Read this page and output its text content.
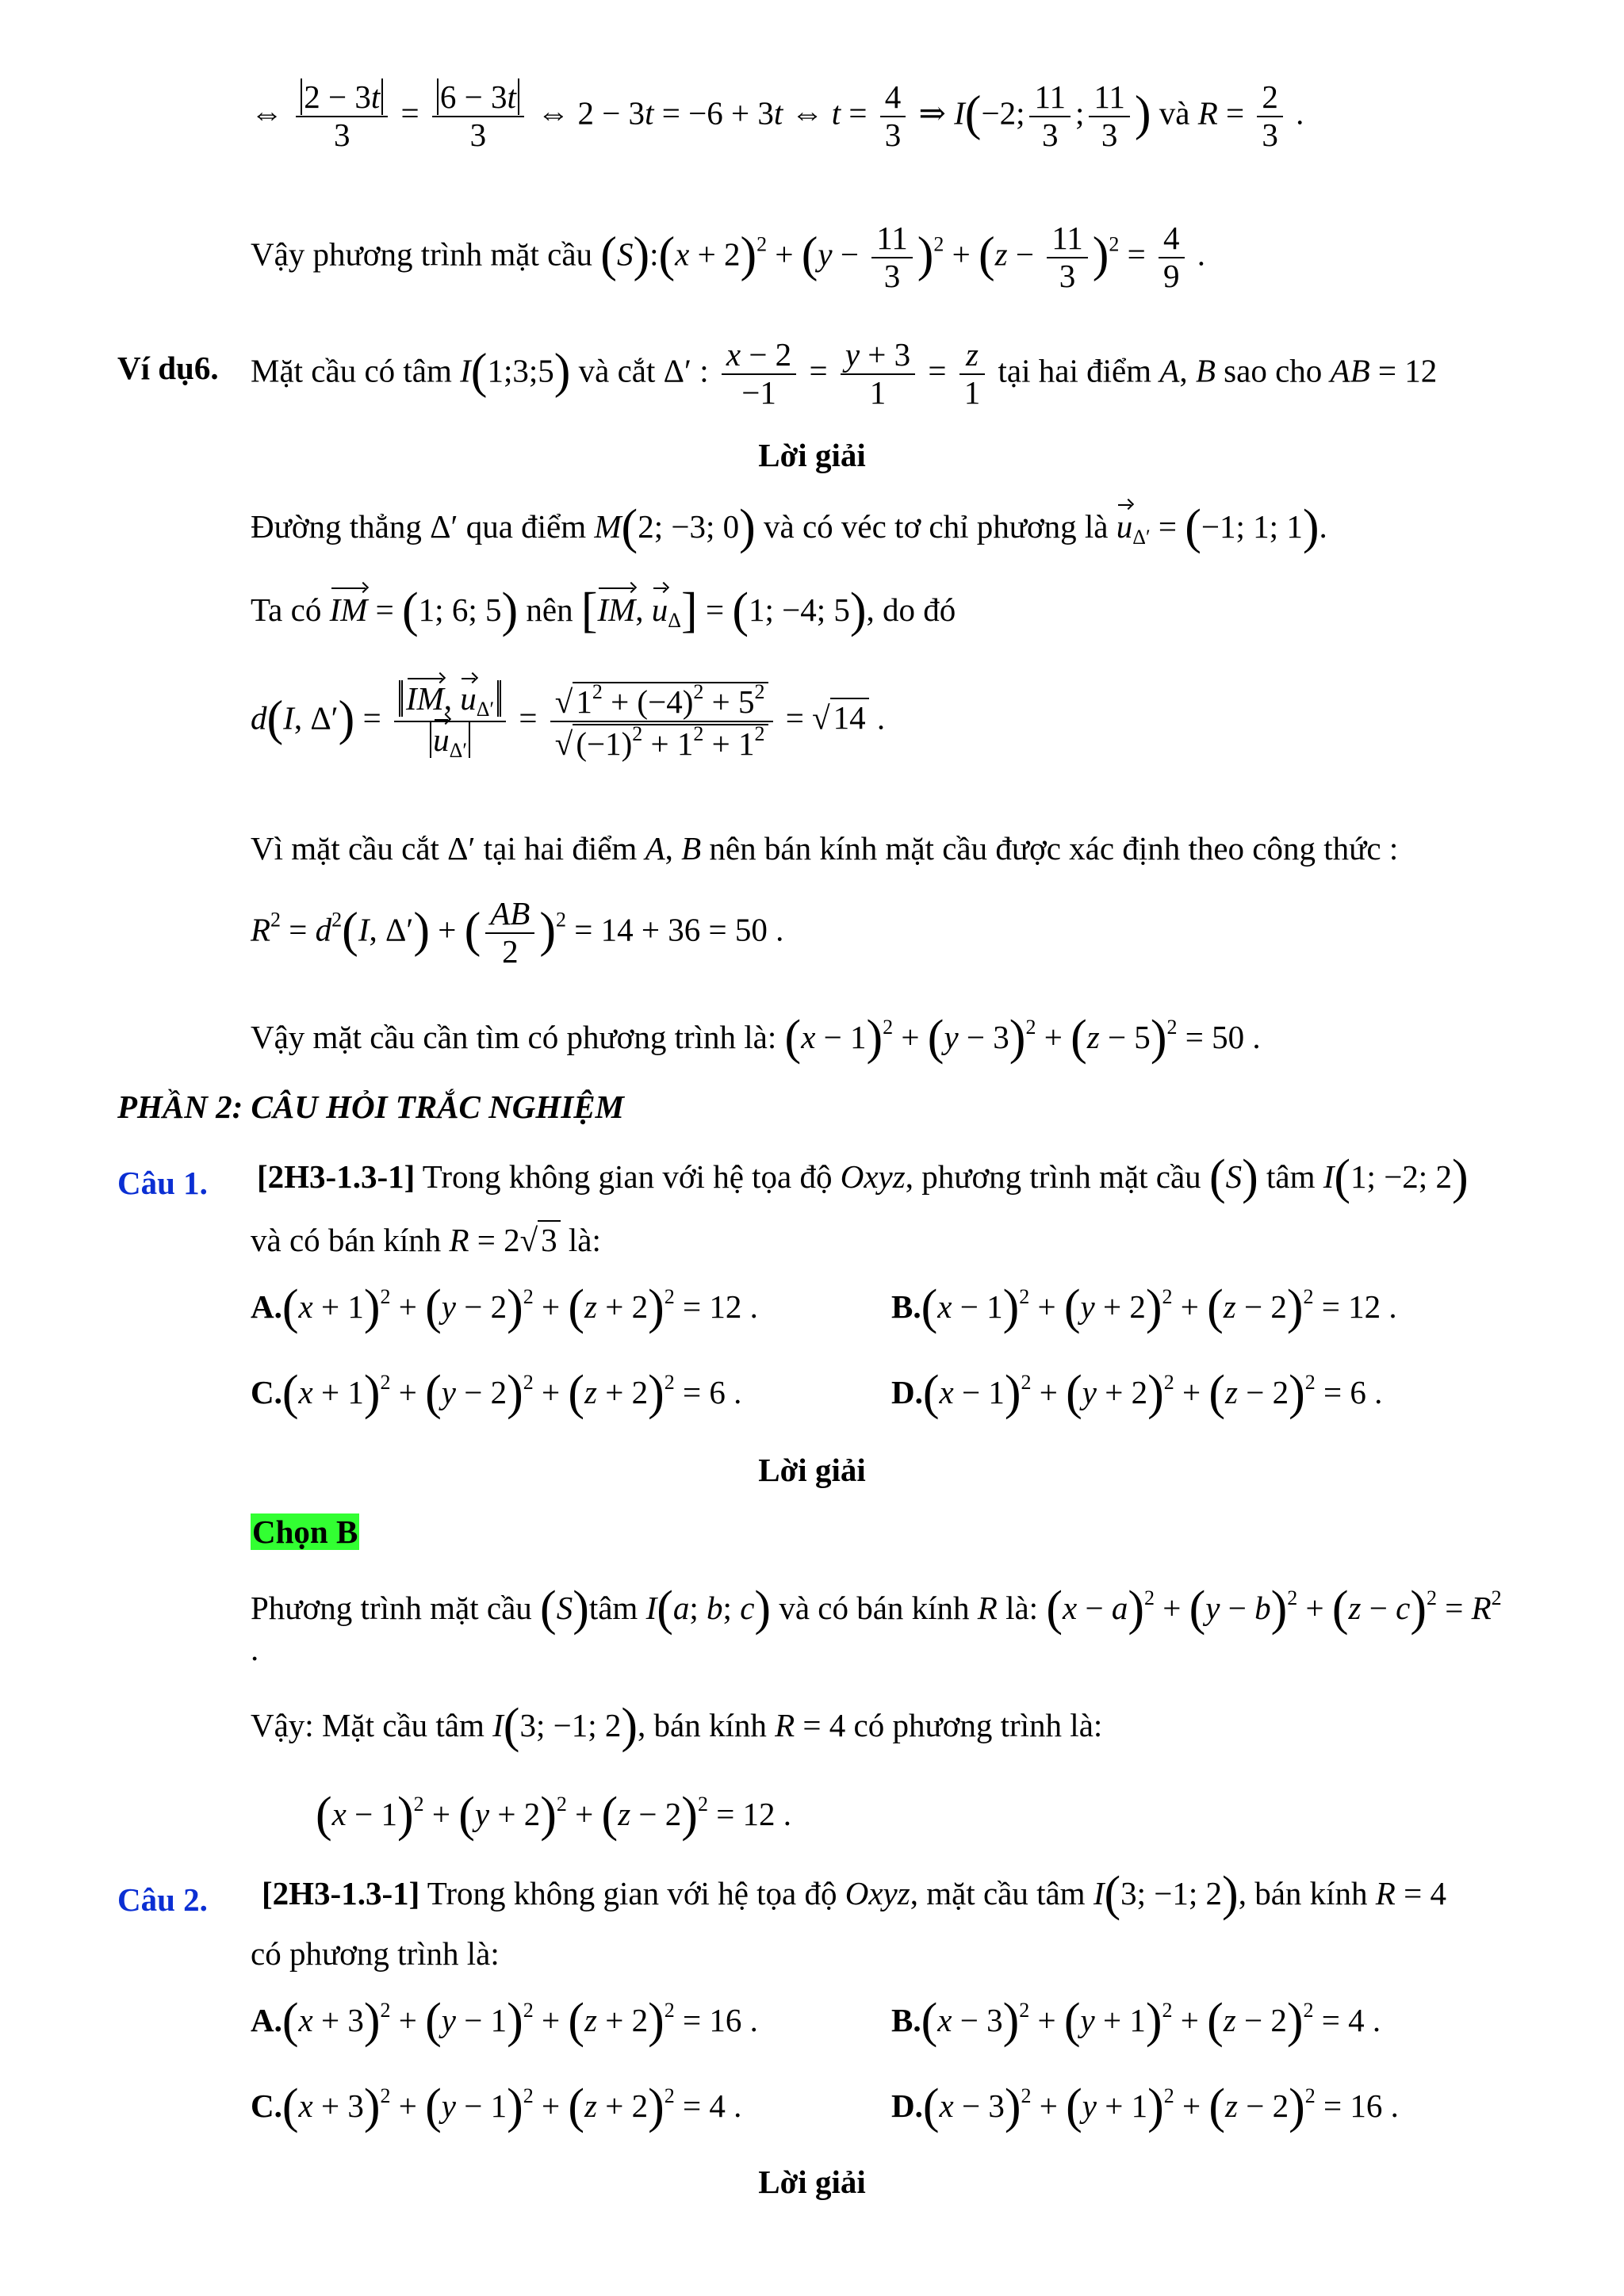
⇔ $\frac{2 - 3t}{3} = \frac{6 - 3t}{3}$ ⇔ 2 − 3t = −6 + 3t ⇔ $t = \frac{4}{3}$ ⇒ I(−2; $\frac{11}{3}$ ; $\frac{11}{3}$ ) và $R = \frac{2}{3}$ .
Vậy phương trình mặt cầu (S):(x + $2)^2 + (y - \frac{11}{3} )^2 + (z - \frac{11}{3} )^2 = \frac{4}{9}$ .
Ví dụ6. Mặt cầu có tâm I(1;3;5) và cắt Δ′ : $\frac{x - 2}{-1} = \frac{y + 3}{1} = \frac{z}{1}$ tại hai điểm A, B sao cho AB = 12
Lời giải
Đường thẳng Δ′ qua điểm M(2; −3; 0) và có véc tơ chỉ phương là $u_{\Delta'} = (-1$; 1; 1).
Ta có IM = (1; 6; 5) nên [IM, $u_\Delta] = (1$; −4; 5), do đó
d(I, $\Delta') = \frac{IM, u_{\Delta'}}{u_{\Delta'}} = \frac{√1^2 + (-4)^2 + 5^2}{√(-1)^2 + 1^2 + 1^2} = √14$ .
Vì mặt cầu cắt Δ′ tại hai điểm A, B nên bán kính mặt cầu được xác định theo công thức :
$R^2 = d^2(I$, Δ′) + ( $\frac{AB}{2} )^2 = 14 + 36 = 50$ .
Vậy mặt cầu cần tìm có phương trình là: $(x - 1)^2 + (y - 3)^2 + (z - 5)^2 = 50$ .
PHẦN 2: CÂU HỎI TRẮC NGHIỆM
Câu 1. [2H3-1.3-1] Trong không gian với hệ tọa độ Oxyz, phương trình mặt cầu (S) tâm I(1; −2; 2)
và có bán kính R = 2√3 là:
$A.(x + 1)^2 + (y - 2)^2 + (z + 2)^2 = 12$ .	$B.(x - 1)^2 + (y + 2)^2 + (z - 2)^2 = 12$ .
$C.(x + 1)^2 + (y - 2)^2 + (z + 2)^2 = 6$ .	$D.(x - 1)^2 + (y + 2)^2 + (z - 2)^2 = 6$ .
Lời giải
Chọn B
Phương trình mặt cầu (S)tâm I(a; b; c) và có bán kính R là: $(x - a)^2 + (y - b)^2 + (z - c)^2 = R^2$
.
Vậy: Mặt cầu tâm I(3; −1; 2), bán kính R = 4 có phương trình là:
$(x - 1)^2 + (y + 2)^2 + (z - 2)^2 = 12$ .
Câu 2. [2H3-1.3-1] Trong không gian với hệ tọa độ Oxyz, mặt cầu tâm I(3; −1; 2), bán kính R = 4
có phương trình là:
$A.(x + 3)^2 + (y - 1)^2 + (z + 2)^2 = 16$ .	$B.(x - 3)^2 + (y + 1)^2 + (z - 2)^2 = 4$ .
$C.(x + 3)^2 + (y - 1)^2 + (z + 2)^2 = 4$ .	$D.(x - 3)^2 + (y + 1)^2 + (z - 2)^2 = 16$ .
Lời giải
